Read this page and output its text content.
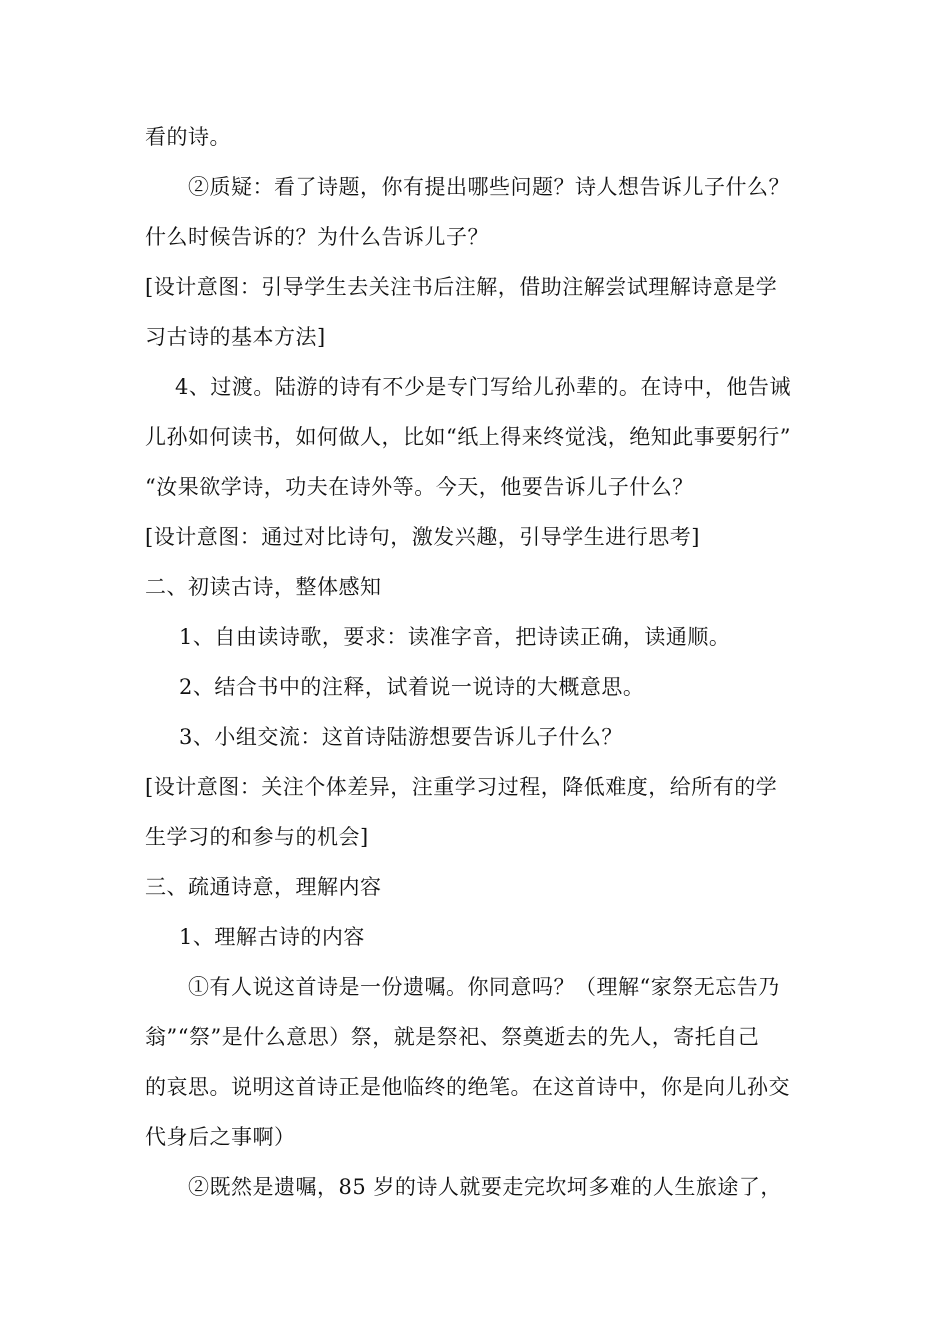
看的诗。
②质疑：看了诗题，你有提出哪些问题？诗人想告诉儿子什么？
什么时候告诉的？为什么告诉儿子？
[设计意图：引导学生去关注书后注解，借助注解尝试理解诗意是学
习古诗的基本方法]
4、过渡。陆游的诗有不少是专门写给儿孙辈的。在诗中，他告诫
儿孙如何读书，如何做人，比如“纸上得来终觉浅，绝知此事要躬行”
“汝果欲学诗，功夫在诗外等。今天，他要告诉儿子什么？
[设计意图：通过对比诗句，激发兴趣，引导学生进行思考]
二、初读古诗，整体感知
1、自由读诗歌，要求：读准字音，把诗读正确，读通顺。
2、结合书中的注释，试着说一说诗的大概意思。
3、小组交流：这首诗陆游想要告诉儿子什么？
[设计意图：关注个体差异，注重学习过程，降低难度，给所有的学
生学习的和参与的机会]
三、疏通诗意，理解内容
1、理解古诗的内容
①有人说这首诗是一份遗嘱。你同意吗？（理解“家祭无忘告乃
翁”“祭”是什么意思）祭，就是祭祀、祭奠逝去的先人，寄托自己
的哀思。说明这首诗正是他临终的绝笔。在这首诗中，你是向儿孙交
代身后之事啊）
②既然是遗嘱，85 岁的诗人就要走完坎坷多难的人生旅途了，
